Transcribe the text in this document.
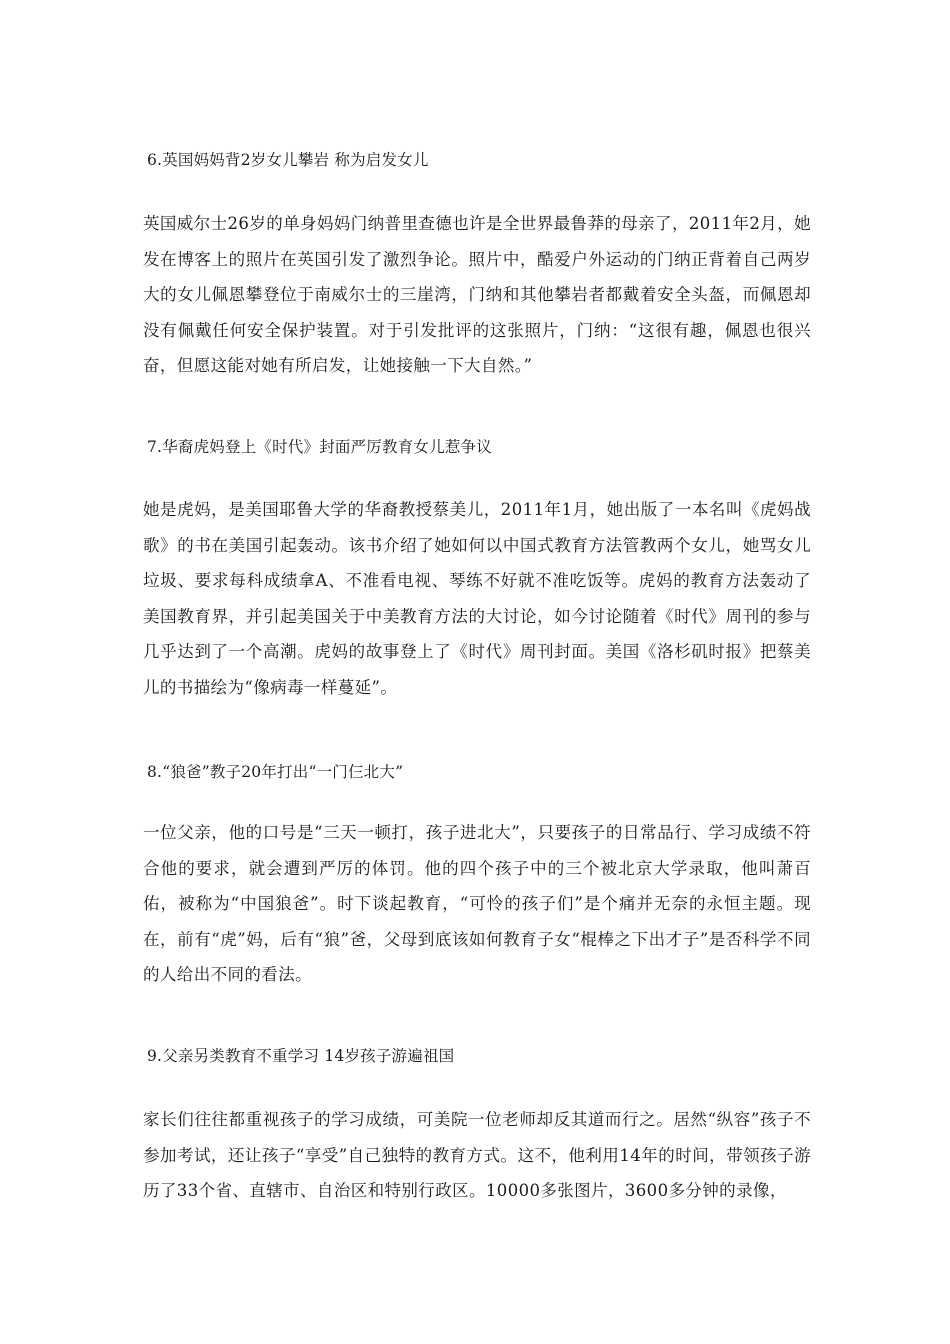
6.英国妈妈背2岁女儿攀岩 称为启发女儿

英国威尔士26岁的单身妈妈门纳普里查德也许是全世界最鲁莽的母亲了，2011年2月，她发在博客上的照片在英国引发了激烈争论。照片中，酷爱户外运动的门纳正背着自己两岁大的女儿佩恩攀登位于南威尔士的三崖湾，门纳和其他攀岩者都戴着安全头盔，而佩恩却没有佩戴任何安全保护装置。对于引发批评的这张照片，门纳：“这很有趣，佩恩也很兴奋，但愿这能对她有所启发，让她接触一下大自然。”

7.华裔虎妈登上《时代》封面严厉教育女儿惹争议

她是虎妈，是美国耶鲁大学的华裔教授蔡美儿，2011年1月，她出版了一本名叫《虎妈战歌》的书在美国引起轰动。该书介绍了她如何以中国式教育方法管教两个女儿，她骂女儿垃圾、要求每科成绩拿A、不准看电视、琴练不好就不准吃饭等。虎妈的教育方法轰动了美国教育界，并引起美国关于中美教育方法的大讨论，如今讨论随着《时代》周刊的参与几乎达到了一个高潮。虎妈的故事登上了《时代》周刊封面。美国《洛杉矶时报》把蔡美儿的书描绘为“像病毒一样蔓延”。

8.“狼爸”教子20年打出“一门仨北大”

一位父亲，他的口号是“三天一顿打，孩子进北大”，只要孩子的日常品行、学习成绩不符合他的要求，就会遭到严厉的体罚。他的四个孩子中的三个被北京大学录取，他叫萧百佑，被称为“中国狼爸”。时下谈起教育，“可怜的孩子们”是个痛并无奈的永恒主题。现在，前有“虎”妈，后有“狼”爸，父母到底该如何教育子女“棍棒之下出才子”是否科学不同的人给出不同的看法。

9.父亲另类教育不重学习 14岁孩子游遍祖国

家长们往往都重视孩子的学习成绩，可美院一位老师却反其道而行之。居然“纵容”孩子不参加考试，还让孩子“享受”自己独特的教育方式。这不，他利用14年的时间，带领孩子游历了33个省、直辖市、自治区和特别行政区。10000多张图片，3600多分钟的录像，
